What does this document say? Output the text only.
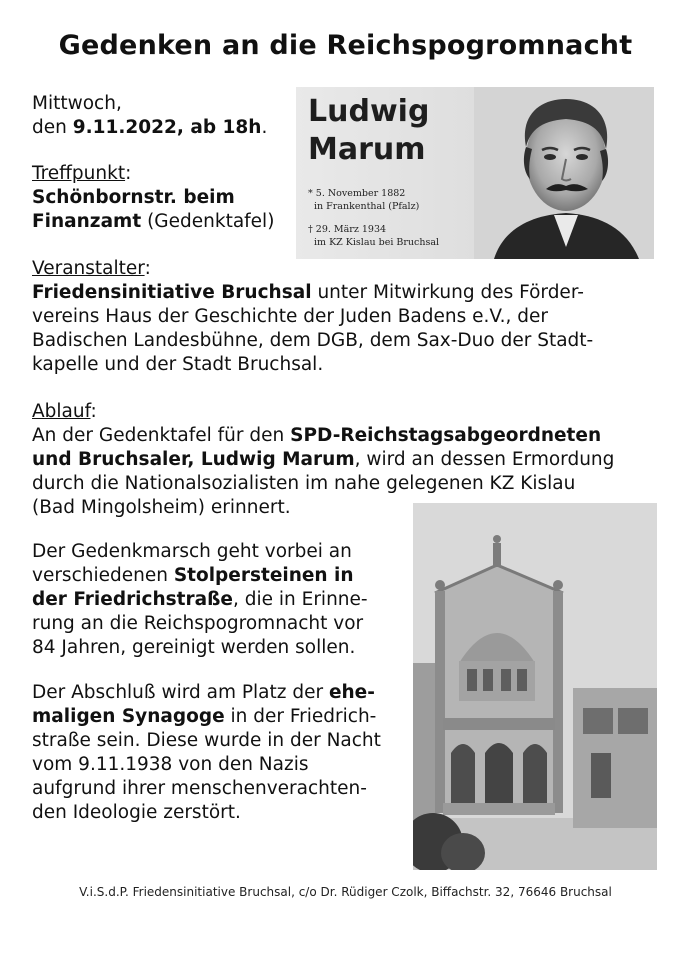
Gedenken an die Reichspogromnacht
Mittwoch,
den 9.11.2022, ab 18h.
Treffpunkt:
Schönbornstr. beim
Finanzamt (Gedenktafel)
Ludwig
Marum
* 5. November 1882
in Frankenthal (Pfalz)
† 29. März 1934
im KZ Kislau bei Bruchsal
Veranstalter:
Friedensinitiative Bruchsal unter Mitwirkung des Förder-
vereins Haus der Geschichte der Juden Badens e.V., der
Badischen Landesbühne, dem DGB, dem Sax-Duo der Stadt-
kapelle und der Stadt Bruchsal.
Ablauf:
An der Gedenktafel für den SPD-Reichstagsabgeordneten
und Bruchsaler, Ludwig Marum, wird an dessen Ermordung
durch die Nationalsozialisten im nahe gelegenen KZ Kislau
(Bad Mingolsheim) erinnert.
Der Gedenkmarsch geht vorbei an
verschiedenen Stolpersteinen in
der Friedrichstraße, die in Erinne-
rung an die Reichspogromnacht vor
84 Jahren, gereinigt werden sollen.
Der Abschluß wird am Platz der ehe-
maligen Synagoge in der Friedrich-
straße sein. Diese wurde in der Nacht
vom 9.11.1938 von den Nazis
aufgrund ihrer menschenverachten-
den Ideologie zerstört.
V.i.S.d.P. Friedensinitiative Bruchsal, c/o Dr. Rüdiger Czolk, Biffachstr. 32, 76646 Bruchsal
